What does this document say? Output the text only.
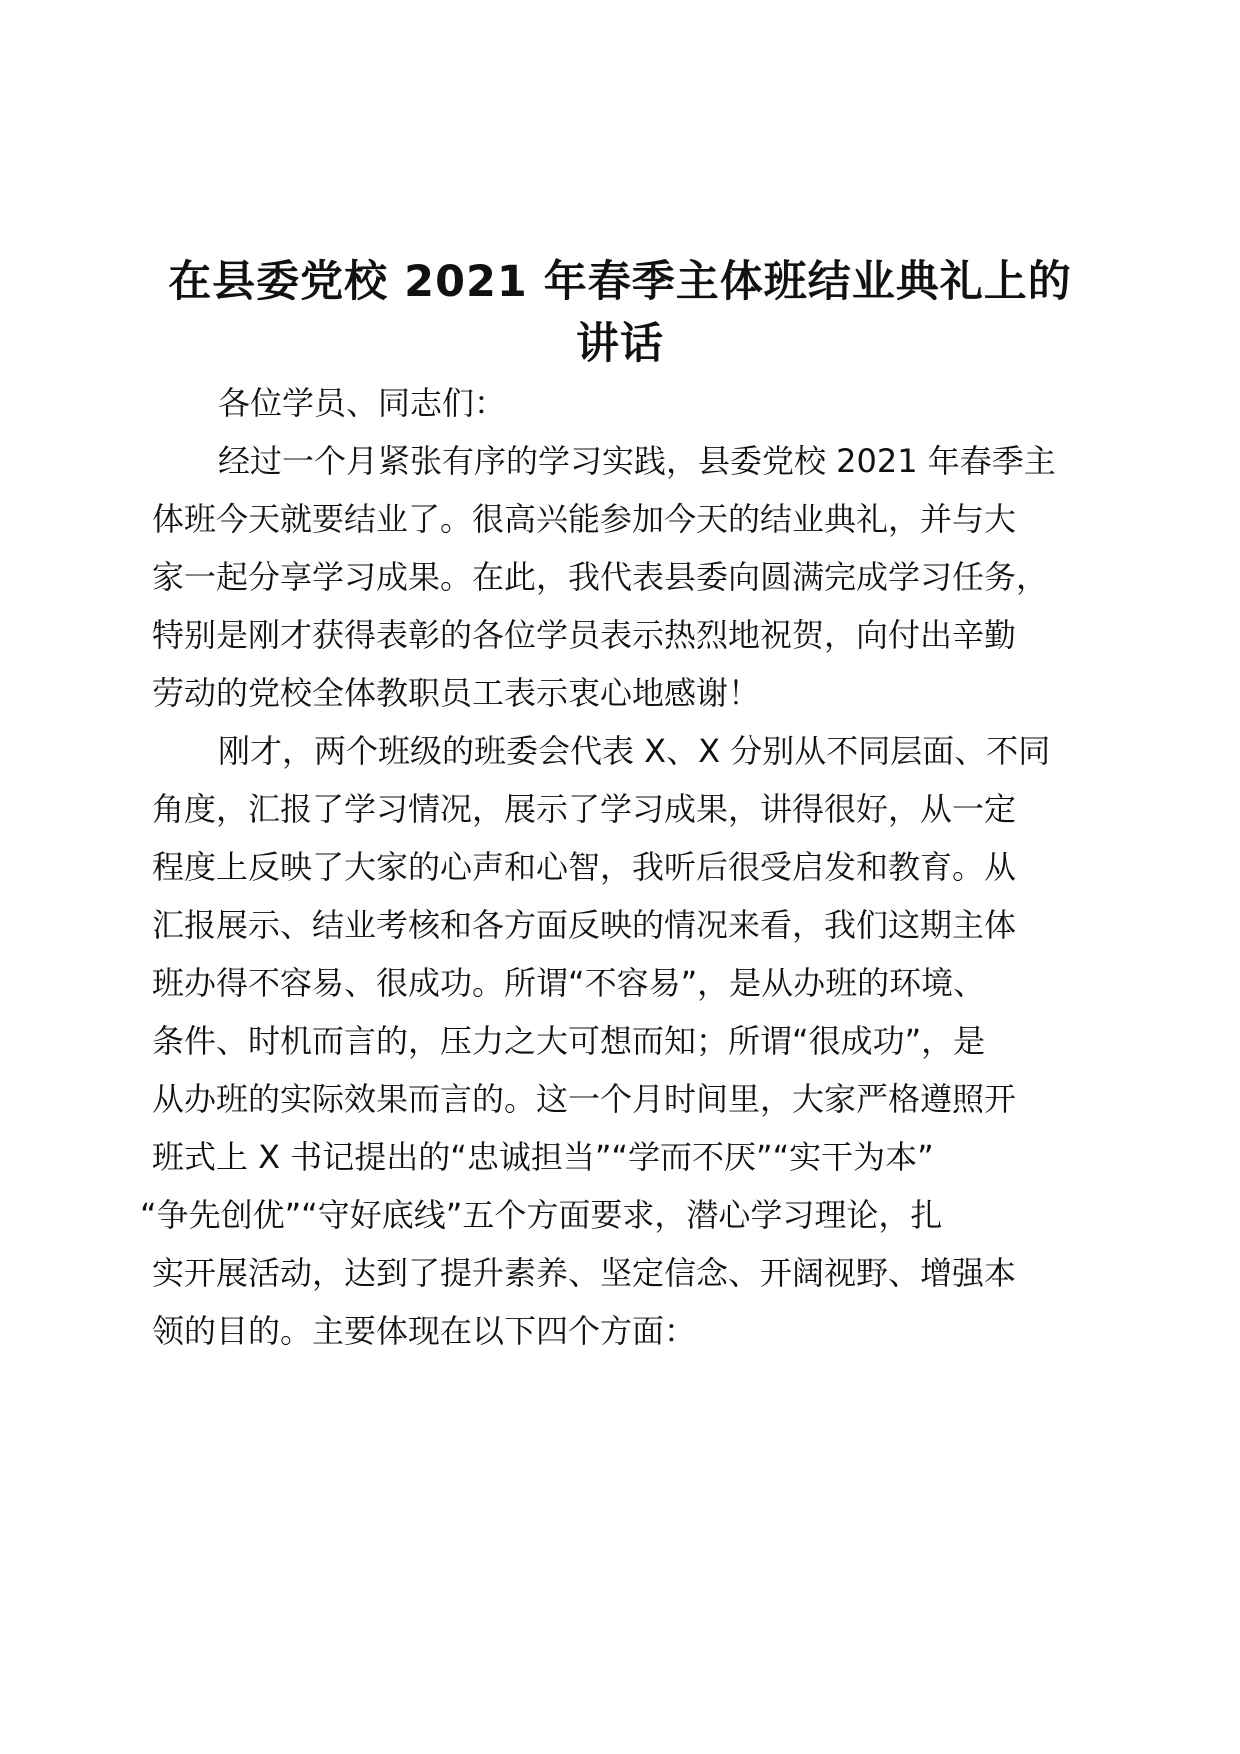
在县委党校 2021 年春季主体班结业典礼上的
讲话
各位学员、同志们：
经过一个月紧张有序的学习实践，县委党校 2021 年春季主
体班今天就要结业了。很高兴能参加今天的结业典礼，并与大
家一起分享学习成果。在此，我代表县委向圆满完成学习任务，
特别是刚才获得表彰的各位学员表示热烈地祝贺，向付出辛勤
劳动的党校全体教职员工表示衷心地感谢！
刚才，两个班级的班委会代表 X、X 分别从不同层面、不同
角度，汇报了学习情况，展示了学习成果，讲得很好，从一定
程度上反映了大家的心声和心智，我听后很受启发和教育。从
汇报展示、结业考核和各方面反映的情况来看，我们这期主体
班办得不容易、很成功。所谓“不容易”，是从办班的环境、
条件、时机而言的，压力之大可想而知；所谓“很成功”，是
从办班的实际效果而言的。这一个月时间里，大家严格遵照开
班式上 X 书记提出的“忠诚担当”“学而不厌”“实干为本”
“争先创优”“守好底线”五个方面要求，潜心学习理论，扎
实开展活动，达到了提升素养、坚定信念、开阔视野、增强本
领的目的。主要体现在以下四个方面：
